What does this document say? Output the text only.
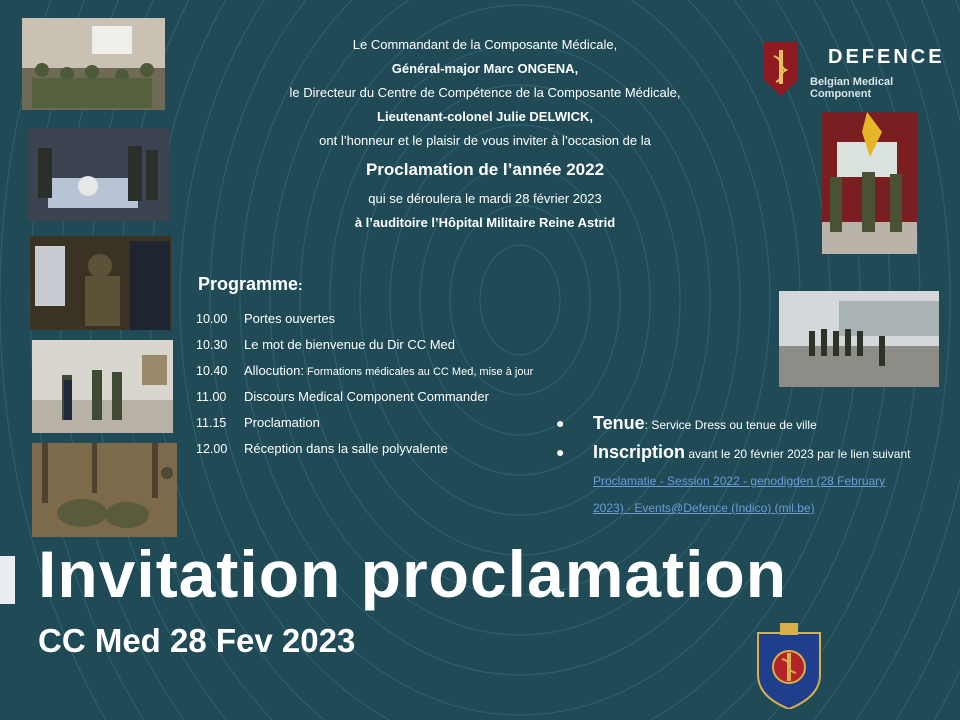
Le Commandant de la Composante Médicale,
Général-major Marc ONGENA,
le Directeur du Centre de Compétence de la Composante Médicale,
Lieutenant-colonel Julie DELWICK,
ont l’honneur et le plaisir de vous inviter à l’occasion de la
Proclamation de l’année 2022
qui se déroulera le mardi 28 février 2023
à l’auditoire l’Hôpital Militaire Reine Astrid
DEFENCE
Belgian Medical Component
Programme:
10.00	Portes ouvertes
10.30	Le mot de bienvenue du Dir CC Med
10.40	Allocution: Formations médicales au CC Med, mise à jour
11.00	Discours Medical Component Commander
11.15	Proclamation
12.00	Réception dans la salle polyvalente
● Tenue: Service Dress ou tenue de ville
● Inscription avant le 20 février 2023 par le lien suivant Proclamatie - Session 2022 - genodigden (28 February 2023) · Events@Defence (Indico) (mil.be)
Invitation proclamation
CC Med 28 Fev 2023
